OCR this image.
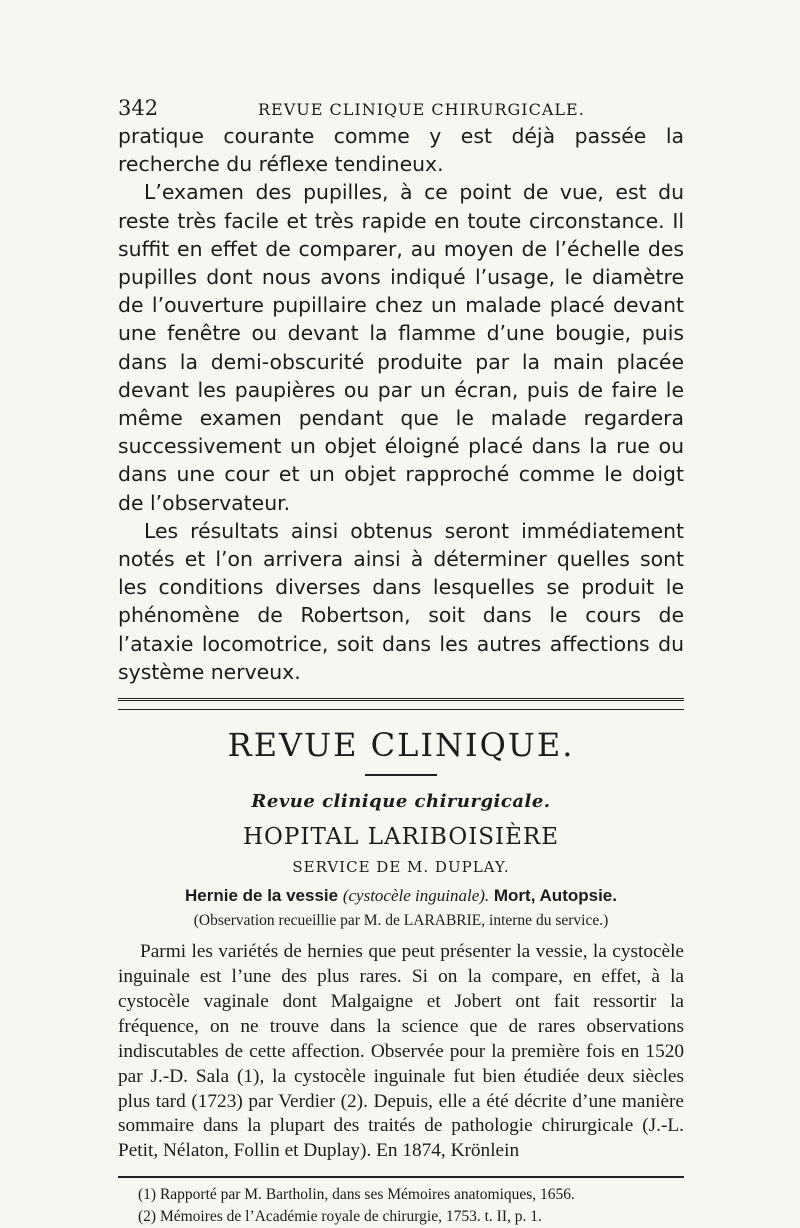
342	REVUE CLINIQUE CHIRURGICALE.

pratique courante comme y est déjà passée la recherche du réflexe tendineux.

L’examen des pupilles, à ce point de vue, est du reste très facile et très rapide en toute circonstance. Il suffit en effet de comparer, au moyen de l’échelle des pupilles dont nous avons indiqué l’usage, le diamètre de l’ouverture pupillaire chez un malade placé devant une fenêtre ou devant la flamme d’une bougie, puis dans la demi-obscurité produite par la main placée devant les paupières ou par un écran, puis de faire le même examen pendant que le malade regardera successivement un objet éloigné placé dans la rue ou dans une cour et un objet rapproché comme le doigt de l’observateur.

Les résultats ainsi obtenus seront immédiatement notés et l’on arrivera ainsi à déterminer quelles sont les conditions diverses dans lesquelles se produit le phénomène de Robertson, soit dans le cours de l’ataxie locomotrice, soit dans les autres affections du système nerveux.

REVUE CLINIQUE.
Revue clinique chirurgicale.
HOPITAL LARIBOISIÈRE
SERVICE DE M. DUPLAY.
Hernie de la vessie (cystocèle inguinale). Mort, Autopsie.
(Observation recueillie par M. de LARABRIE, interne du service.)

Parmi les variétés de hernies que peut présenter la vessie, la cystocèle inguinale est l’une des plus rares. Si on la compare, en effet, à la cystocèle vaginale dont Malgaigne et Jobert ont fait ressortir la fréquence, on ne trouve dans la science que de rares observations indiscutables de cette affection. Observée pour la première fois en 1520 par J.-D. Sala (1), la cystocèle inguinale fut bien étudiée deux siècles plus tard (1723) par Verdier (2). Depuis, elle a été décrite d’une manière sommaire dans la plupart des traités de pathologie chirurgicale (J.-L. Petit, Nélaton, Follin et Duplay). En 1874, Krönlein

(1) Rapporté par M. Bartholin, dans ses Mémoires anatomiques, 1656.
(2) Mémoires de l’Académie royale de chirurgie, 1753. t. II, p. 1.
